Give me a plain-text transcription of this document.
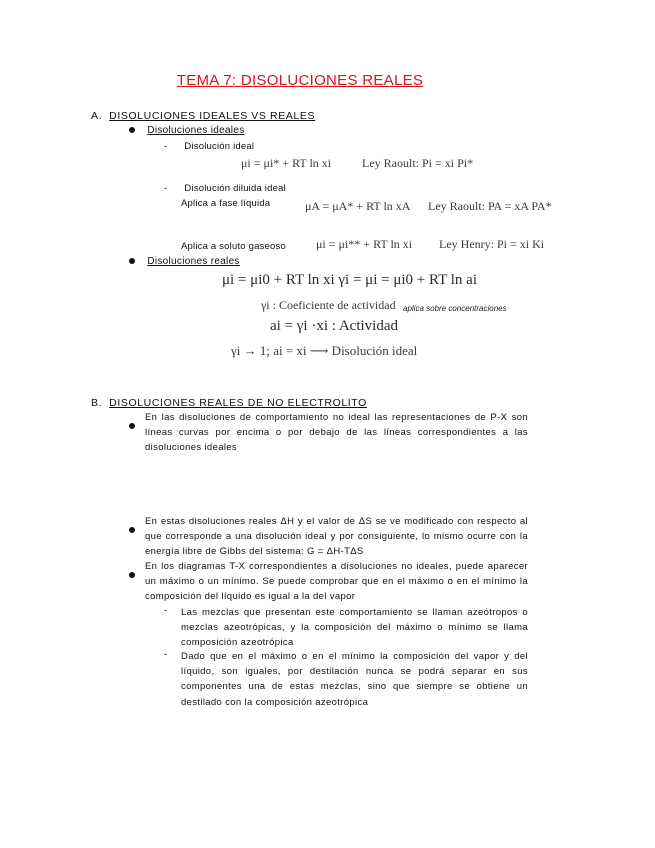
TEMA 7: DISOLUCIONES REALES
A. DISOLUCIONES IDEALES VS REALES
Disoluciones ideales
- Disolución ideal
μi = μi* + RT ln xi	Ley Raoult: Pi = xi Pi*
- Disolución diluida ideal
Aplica a fase líquida	μA = μA* + RT ln xA Ley Raoult: PA = xA PA*
Aplica a soluto gaseoso	μi = μi** + RT ln xi Ley Henry: Pi = xi Ki
Disoluciones reales
μi = μi0 + RT ln xi γi = μi = μi0 + RT ln ai
γi : Coeficiente de actividad aplica sobre concentraciones
ai = γi ·xi : Actividad
γi → 1; ai = xi ⟶ Disolución ideal
B. DISOLUCIONES REALES DE NO ELECTROLITO
En las disoluciones de comportamiento no ideal las representaciones de P-X son líneas curvas por encima o por debajo de las líneas correspondientes a las disoluciones ideales
En estas disoluciones reales ΔH y el valor de ΔS se ve modificado con respecto al que corresponde a una disolución ideal y por consiguiente, lo mismo ocurre con la energía libre de Gibbs del sistema: G = ΔH-TΔS
En los diagramas T-X correspondientes a disoluciones no ideales, puede aparecer un máximo o un mínimo. Se puede comprobar que en el máximo o en el mínimo la composición del líquido es igual a la del vapor
- Las mezclas que presentan este comportamiento se llaman azeótropos o mezclas azeotrópicas, y la composición del máximo o mínimo se llama composición azeotrópica
- Dado que en el máximo o en el mínimo la composición del vapor y del líquido, son iguales, por destilación nunca se podrá separar en sus componentes una de estas mezclas, sino que siempre se obtiene un destilado con la composición azeotrópica
